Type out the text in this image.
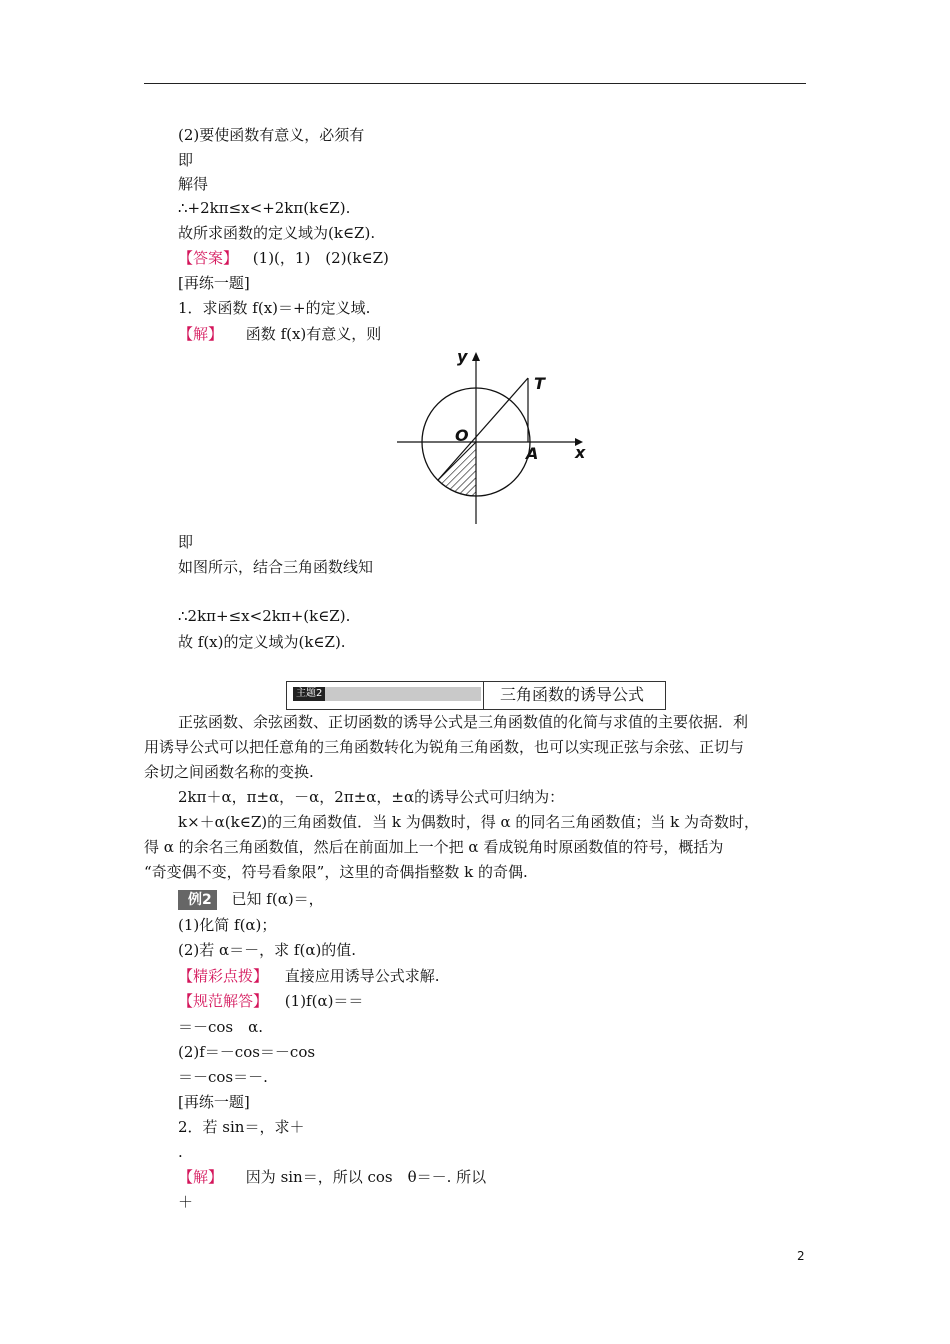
(2)要使函数有意义，必须有
即
解得
∴+2kπ≤x<+2kπ(k∈Z).
故所求函数的定义域为(k∈Z).
【答案】 (1)(，1)　(2)(k∈Z)
[再练一题]
1．求函数 f(x)＝+的定义域.
【解】 函数 f(x)有意义，则
y
T
O
A x
即
如图所示，结合三角函数线知
∴2kπ+≤x<2kπ+(k∈Z).
故 f(x)的定义域为(k∈Z).
主题2	三角函数的诱导公式
正弦函数、余弦函数、正切函数的诱导公式是三角函数值的化简与求值的主要依据．利
用诱导公式可以把任意角的三角函数转化为锐角三角函数，也可以实现正弦与余弦、正切与
余切之间函数名称的变换.
2kπ＋α，π±α，－α，2π±α，±α的诱导公式可归纳为：
k×＋α(k∈Z)的三角函数值．当 k 为偶数时，得 α 的同名三角函数值；当 k 为奇数时，
得 α 的余名三角函数值，然后在前面加上一个把 α 看成锐角时原函数值的符号，概括为
“奇变偶不变，符号看象限”，这里的奇偶指整数 k 的奇偶.
例2 已知 f(α)＝，
(1)化简 f(α)；
(2)若 α＝－，求 f(α)的值.
【精彩点拨】 直接应用诱导公式求解.
【规范解答】 (1)f(α)＝＝
＝－cos　α.
(2)f＝－cos＝－cos
＝－cos＝－.
[再练一题]
2．若 sin＝，求＋
.
【解】 因为 sin＝，所以 cos　θ＝－. 所以
＋
2
